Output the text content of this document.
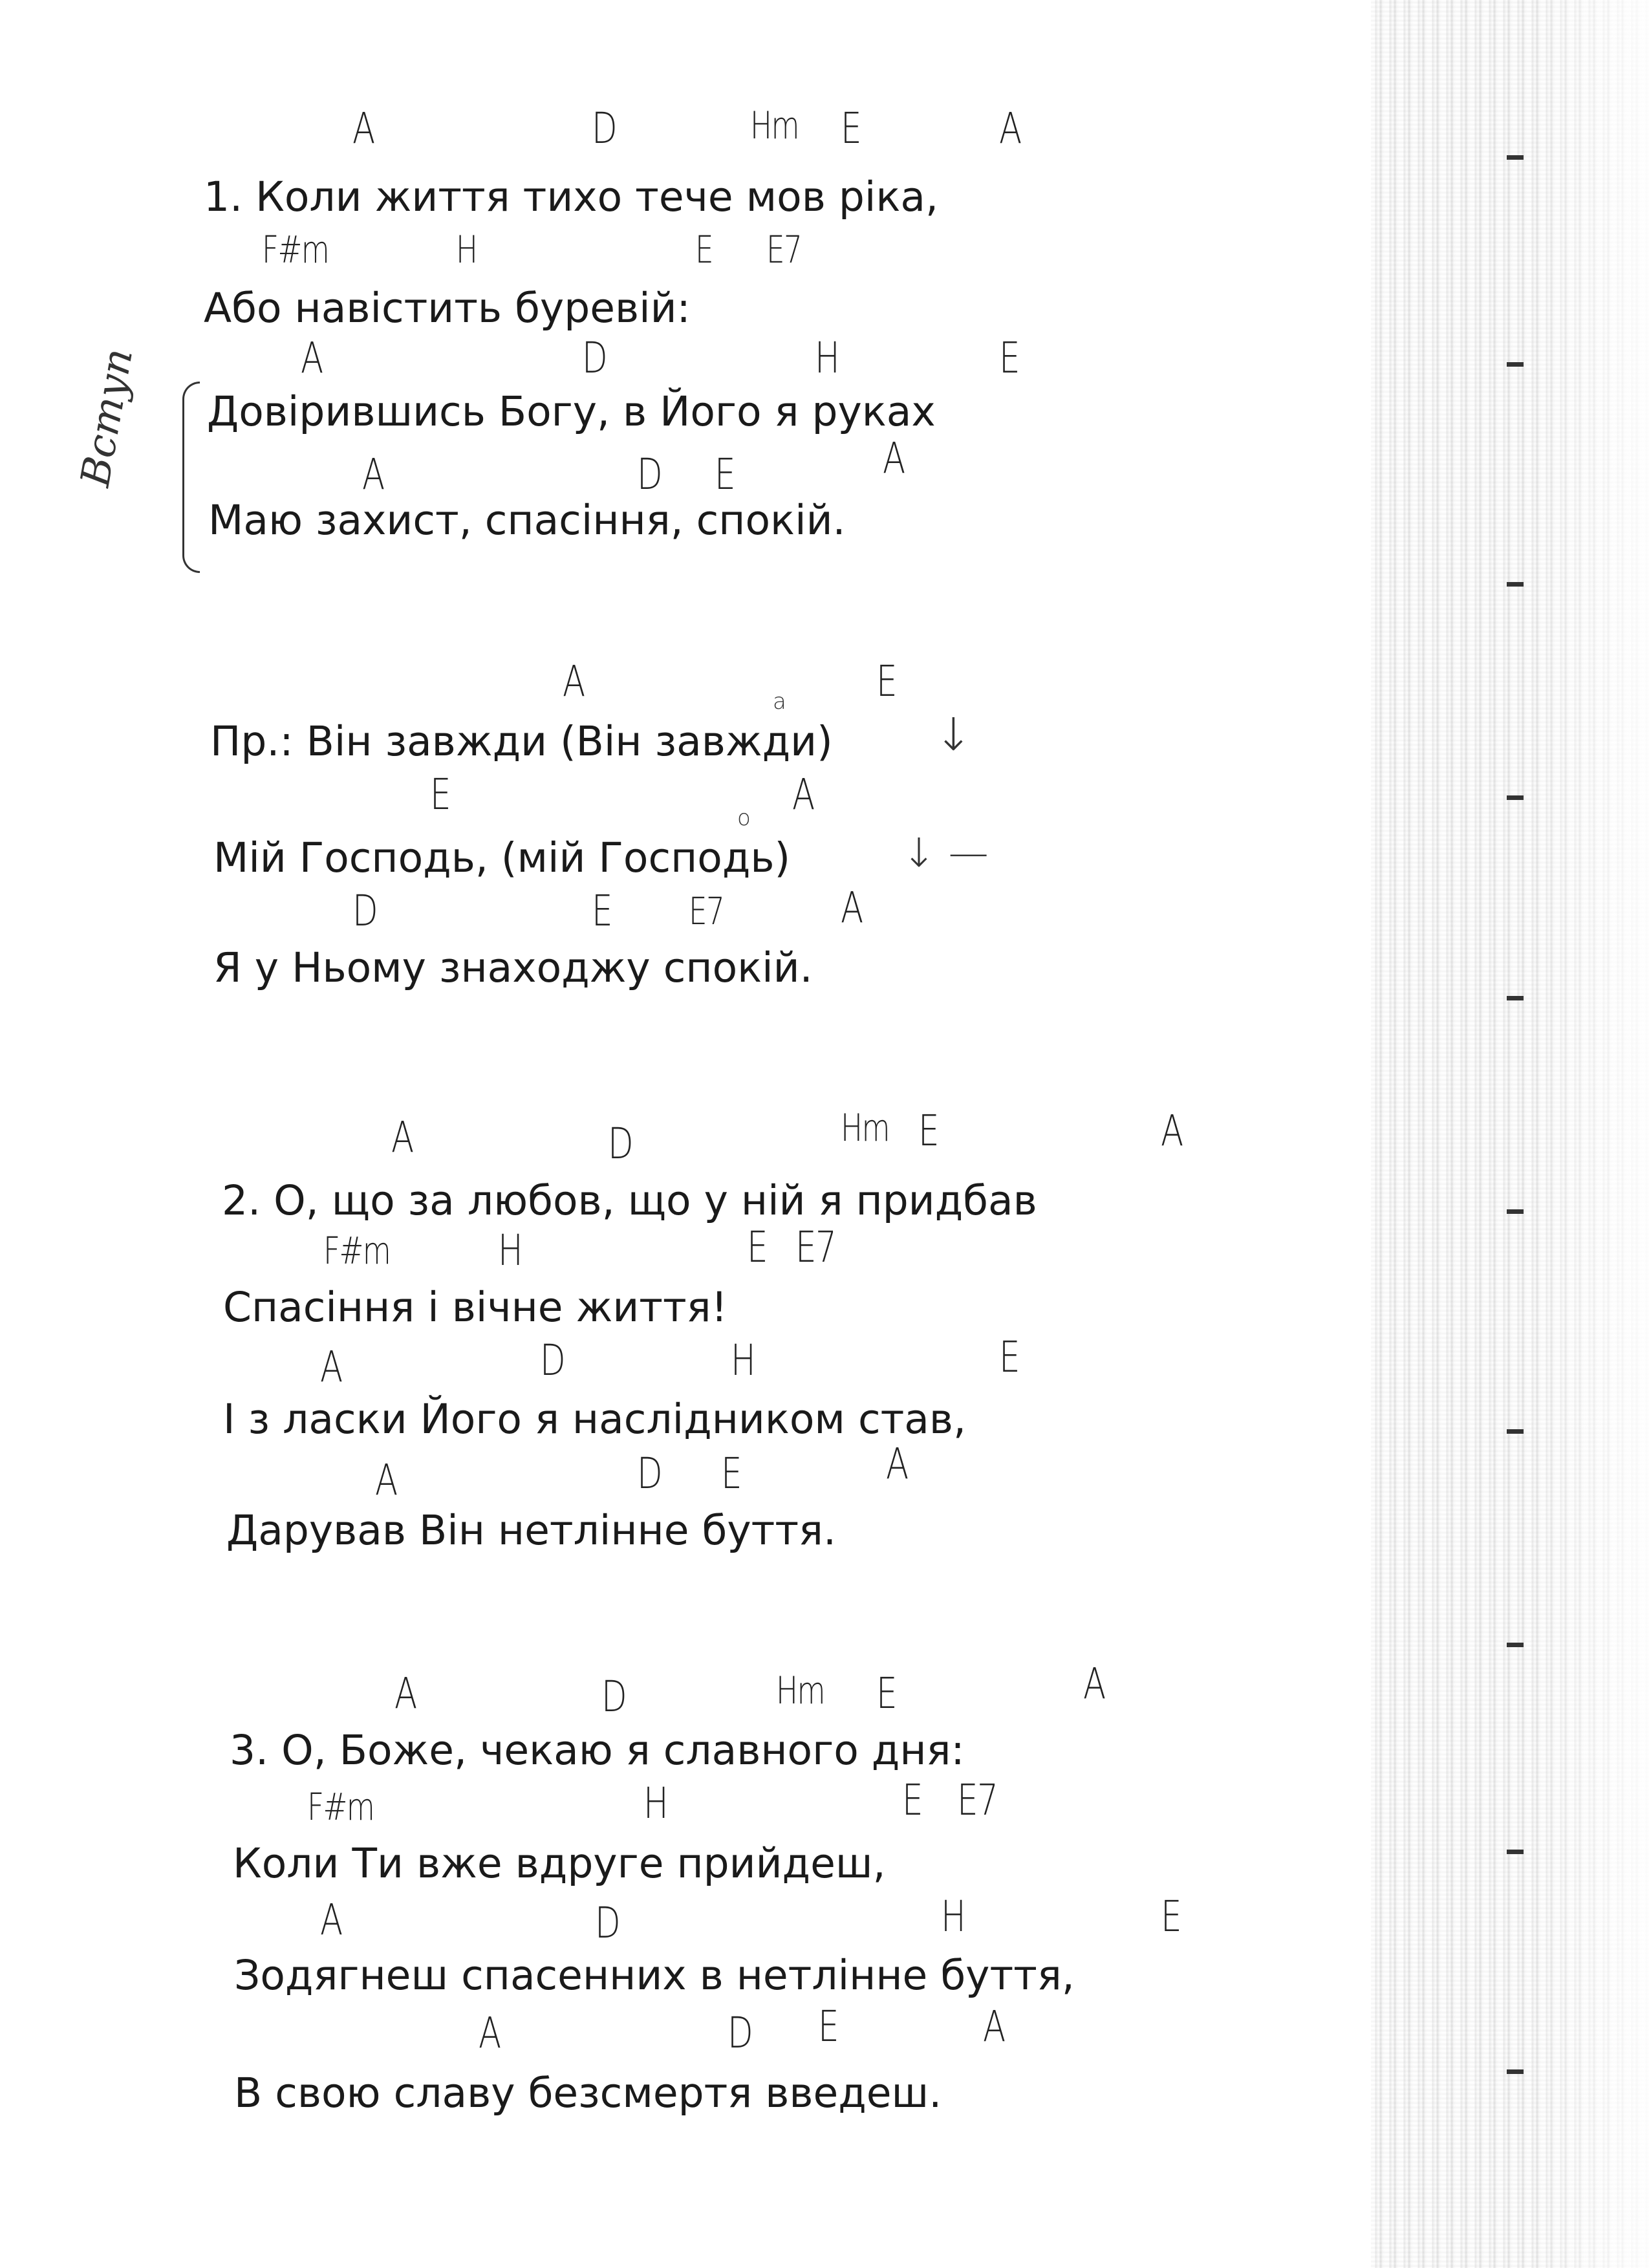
A	D	Hm E	A
1. Коли життя тихо тече мов ріка,
F#m	H	E E7
Або навістить буревій:
A	D	H	E
Довірившись Богу, в Його я руках
A	D E	A
Маю захист, спасіння, спокій.
Вступ
A	E
a
Пр.: Він завжди (Він завжди) ↓
E	A
o
Мій Господь, (мій Господь)	↓ —
D	E E7	A
Я у Ньому знаходжу спокій.
A	D	Hm E	A
2. О, що за любов, що у ній я придбав
F#m	H	E E7
Спасіння і вічне життя!
A	D	H	E
І з ласки Його я наслідником став,
A	D E	A
Дарував Він нетлінне буття.
A	D	Hm E	A
3. О, Боже, чекаю я славного дня:
F#m	H	E E7
Коли Ти вже вдруге прийдеш,
A	D	H	E
Зодягнеш спасенних в нетлінне буття,
A	D E	A
В свою славу безсмертя введеш.
